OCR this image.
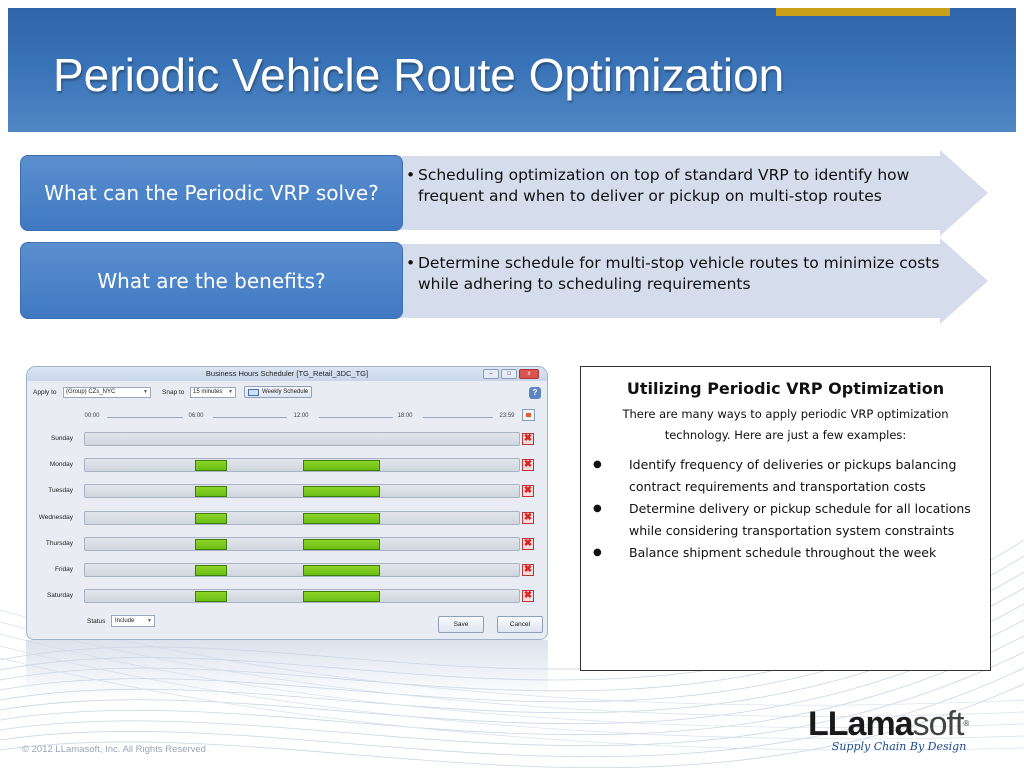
Periodic Vehicle Route Optimization
What can the Periodic VRP solve?
• Scheduling optimization on top of standard VRP to identify how frequent and when to deliver or pickup on multi-stop routes
What are the benefits?
• Determine schedule for multi-stop vehicle routes to minimize costs while adhering to scheduling requirements
Business Hours Scheduler [TG_Retail_3DC_TG]	–	□	x
Apply to	(Group) CZs_NYC	▼ Snap to	15 minutes ▼	Weekly Schedule	?
00:00	06:00	12:00	18:00	23:59
Sunday	✖
Monday	✖
Tuesday	✖
Wednesday	✖
Thursday	✖
Friday	✖
Saturday	✖
Status	Include	▼	Save	Cancel
Utilizing Periodic VRP Optimization
There are many ways to apply periodic VRP optimization technology. Here are just a few examples:
● Identify frequency of deliveries or pickups balancing contract requirements and transportation costs
● Determine delivery or pickup schedule for all locations while considering transportation system constraints
● Balance shipment schedule throughout the week
© 2012 LLamasoft, Inc. All Rights Reserved
LLamasoft®
Supply Chain By Design
